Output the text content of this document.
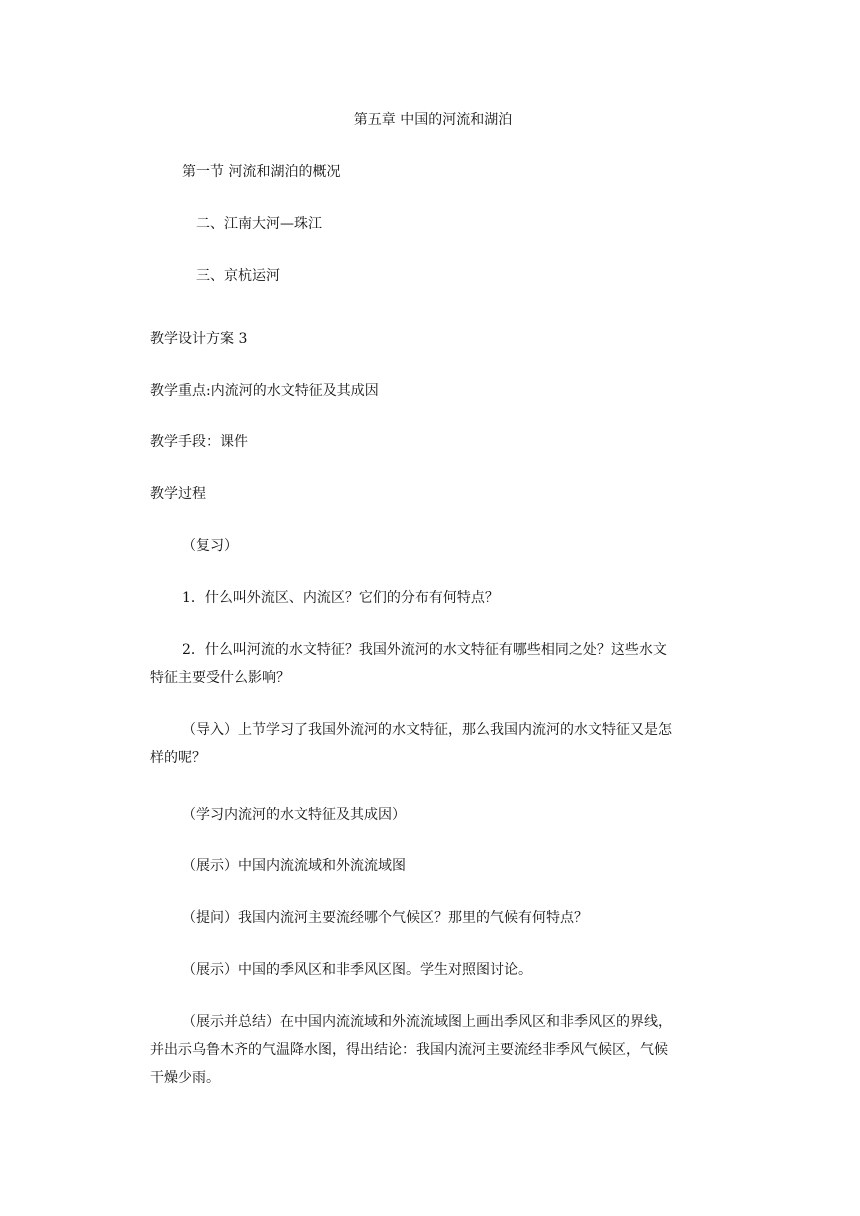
第五章 中国的河流和湖泊
第一节 河流和湖泊的概况
二、江南大河—珠江
三、京杭运河
教学设计方案 3
教学重点:内流河的水文特征及其成因
教学手段：课件
教学过程
（复习）
1．什么叫外流区、内流区？它们的分布有何特点？
2．什么叫河流的水文特征？我国外流河的水文特征有哪些相同之处？这些水文
特征主要受什么影响？
（导入）上节学习了我国外流河的水文特征，那么我国内流河的水文特征又是怎
样的呢？
（学习内流河的水文特征及其成因）
（展示）中国内流流域和外流流域图
（提问）我国内流河主要流经哪个气候区？那里的气候有何特点？
（展示）中国的季风区和非季风区图。学生对照图讨论。
（展示并总结）在中国内流流域和外流流域图上画出季风区和非季风区的界线，
并出示乌鲁木齐的气温降水图，得出结论：我国内流河主要流经非季风气候区，气候
干燥少雨。
